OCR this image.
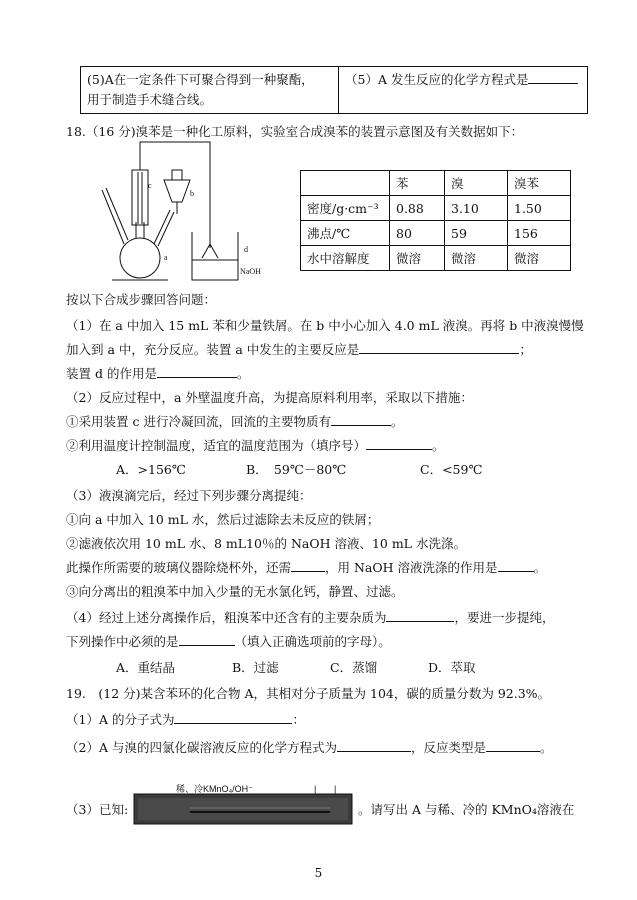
(5)A在一定条件下可聚合得到一种聚酯，
用于制造手术缝合线。
	（5）A 发生反应的化学方程式是
18.（16 分)溴苯是一种化工原料，实验室合成溴苯的装置示意图及有关数据如下：
a
b
c
d
NaOH
	苯	溴	溴苯
密度/g·cm⁻³	0.88	3.10	1.50
沸点/℃	80	59	156
水中溶解度	微溶	微溶	微溶
按以下合成步骤回答问题：
（1）在 a 中加入 15 mL 苯和少量铁屑。在 b 中小心加入 4.0 mL 液溴。再将 b 中液溴慢慢
加入到 a 中，充分反应。装置 a 中发生的主要反应是	；
装置 d 的作用是	。
（2）反应过程中，a 外壁温度升高，为提高原料利用率，采取以下措施：
①采用装置 c 进行冷凝回流，回流的主要物质有	。
②利用温度计控制温度，适宜的温度范围为（填序号）	。
A．>156℃	B．　59℃－80℃	C．<59℃
（3）液溴滴完后，经过下列步骤分离提纯：
①向 a 中加入 10 mL 水，然后过滤除去未反应的铁屑；
②滤液依次用 10 mL 水、8 mL10％的 NaOH 溶液、10 mL 水洗涤。
此操作所需要的玻璃仪器除烧杯外，还需	，用 NaOH 溶液洗涤的作用是	。
③向分离出的粗溴苯中加入少量的无水氯化钙，静置、过滤。
（4）经过上述分离操作后，粗溴苯中还含有的主要杂质为	，要进一步提纯，
下列操作中必须的是	（填入正确选项前的字母）。
A．重结晶	B．过滤	C．蒸馏	D．萃取
19.　(12 分)某含苯环的化合物 A，其相对分子质量为 104，碳的质量分数为 92.3%。
（1）A 的分子式为	：
（2）A 与溴的四氯化碳溶液反应的化学方程式为	，反应类型是	。
稀、冷KMnO₄/OH⁻	| |
（3）已知:	。请写出 A 与稀、冷的 KMnO₄溶液在
5
